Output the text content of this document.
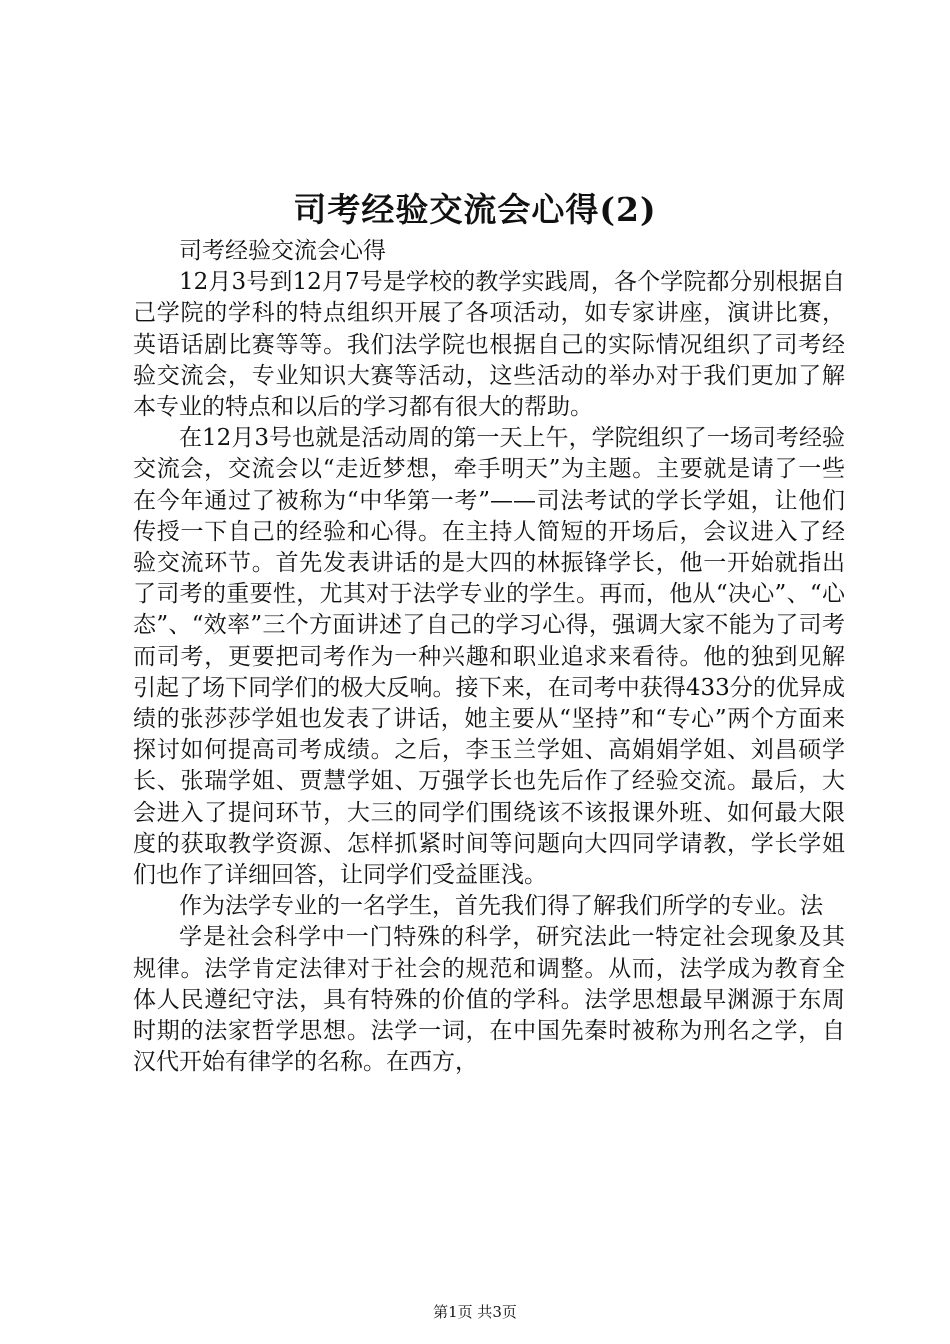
司考经验交流会心得(2)

司考经验交流会心得

12月3号到12月7号是学校的教学实践周，各个学院都分别根据自己学院的学科的特点组织开展了各项活动，如专家讲座，演讲比赛，英语话剧比赛等等。我们法学院也根据自己的实际情况组织了司考经验交流会，专业知识大赛等活动，这些活动的举办对于我们更加了解本专业的特点和以后的学习都有很大的帮助。

在12月3号也就是活动周的第一天上午，学院组织了一场司考经验交流会，交流会以“走近梦想，牵手明天”为主题。主要就是请了一些在今年通过了被称为“中华第一考”——司法考试的学长学姐，让他们传授一下自己的经验和心得。在主持人简短的开场后，会议进入了经验交流环节。首先发表讲话的是大四的林振锋学长，他一开始就指出了司考的重要性，尤其对于法学专业的学生。再而，他从“决心”、“心态”、“效率”三个方面讲述了自己的学习心得，强调大家不能为了司考而司考，更要把司考作为一种兴趣和职业追求来看待。他的独到见解引起了场下同学们的极大反响。接下来，在司考中获得433分的优异成绩的张莎莎学姐也发表了讲话，她主要从“坚持”和“专心”两个方面来探讨如何提高司考成绩。之后，李玉兰学姐、高娟娟学姐、刘昌硕学长、张瑞学姐、贾慧学姐、万强学长也先后作了经验交流。最后，大会进入了提问环节，大三的同学们围绕该不该报课外班、如何最大限度的获取教学资源、怎样抓紧时间等问题向大四同学请教，学长学姐们也作了详细回答，让同学们受益匪浅。

作为法学专业的一名学生，首先我们得了解我们所学的专业。法

学是社会科学中一门特殊的科学，研究法此一特定社会现象及其规律。法学肯定法律对于社会的规范和调整。从而，法学成为教育全体人民遵纪守法，具有特殊的价值的学科。法学思想最早渊源于东周时期的法家哲学思想。法学一词，在中国先秦时被称为刑名之学，自汉代开始有律学的名称。在西方，

第1页 共3页
